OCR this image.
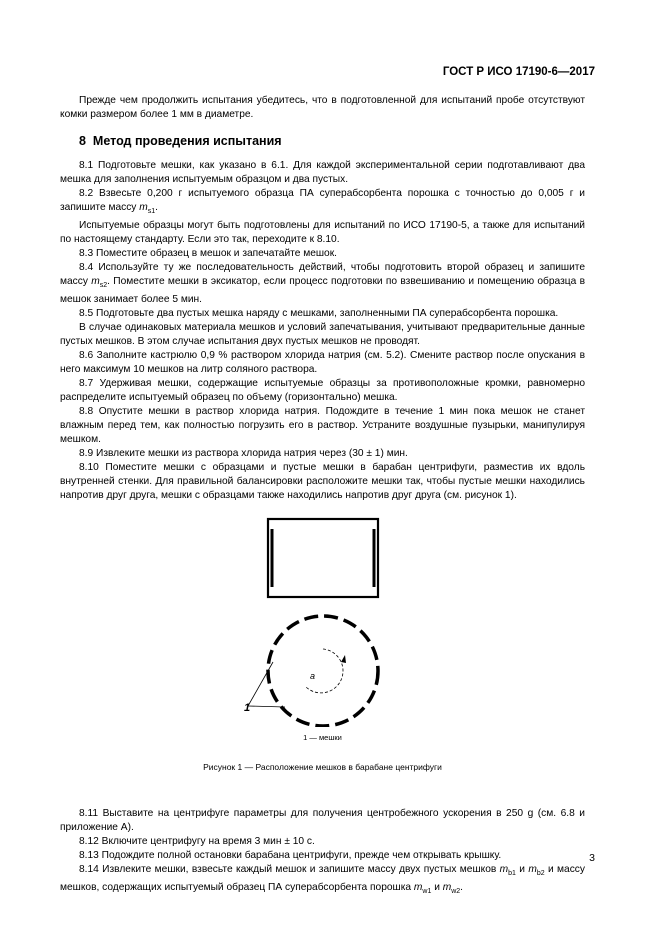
ГОСТ Р ИСО 17190-6—2017

Прежде чем продолжить испытания убедитесь, что в подготовленной для испытаний пробе отсутствуют комки размером более 1 мм в диаметре.

8 Метод проведения испытания

8.1 Подготовьте мешки, как указано в 6.1. Для каждой экспериментальной серии подготавливают два мешка для заполнения испытуемым образцом и два пустых.

8.2 Взвесьте 0,200 г испытуемого образца ПА суперабсорбента порошка с точностью до 0,005 г и запишите массу $m_{s1}$.

Испытуемые образцы могут быть подготовлены для испытаний по ИСО 17190-5, а также для испытаний по настоящему стандарту. Если это так, переходите к 8.10.

8.3 Поместите образец в мешок и запечатайте мешок.

8.4 Используйте ту же последовательность действий, чтобы подготовить второй образец и запишите массу $m_{s2}$. Поместите мешки в эксикатор, если процесс подготовки по взвешиванию и помещению образца в мешок занимает более 5 мин.

8.5 Подготовьте два пустых мешка наряду с мешками, заполненными ПА суперабсорбента порошка.

В случае одинаковых материала мешков и условий запечатывания, учитывают предварительные данные пустых мешков. В этом случае испытания двух пустых мешков не проводят.

8.6 Заполните кастрюлю 0,9 % раствором хлорида натрия (см. 5.2). Смените раствор после опускания в него максимум 10 мешков на литр соляного раствора.

8.7 Удерживая мешки, содержащие испытуемые образцы за противоположные кромки, равномерно распределите испытуемый образец по объему (горизонтально) мешка.

8.8 Опустите мешки в раствор хлорида натрия. Подождите в течение 1 мин пока мешок не станет влажным перед тем, как полностью погрузить его в раствор. Устраните воздушные пузырьки, манипулируя мешком.

8.9 Извлеките мешки из раствора хлорида натрия через (30 ± 1) мин.

8.10 Поместите мешки с образцами и пустые мешки в барабан центрифуги, разместив их вдоль внутренней стенки. Для правильной балансировки расположите мешки так, чтобы пустые мешки находились напротив друг друга, мешки с образцами также находились напротив друг друга (см. рисунок 1).

a
1
1 — мешки
Рисунок 1 — Расположение мешков в барабане центрифуги

8.11 Выставите на центрифуге параметры для получения центробежного ускорения в 250 g (см. 6.8 и приложение А).

8.12 Включите центрифугу на время 3 мин ± 10 с.

8.13 Подождите полной остановки барабана центрифуги, прежде чем открывать крышку.

8.14 Извлеките мешки, взвесьте каждый мешок и запишите массу двух пустых мешков $m_{b1}$ и $m_{b2}$ и массу мешков, содержащих испытуемый образец ПА суперабсорбента порошка $m_{w1}$ и $m_{w2}$.

3
